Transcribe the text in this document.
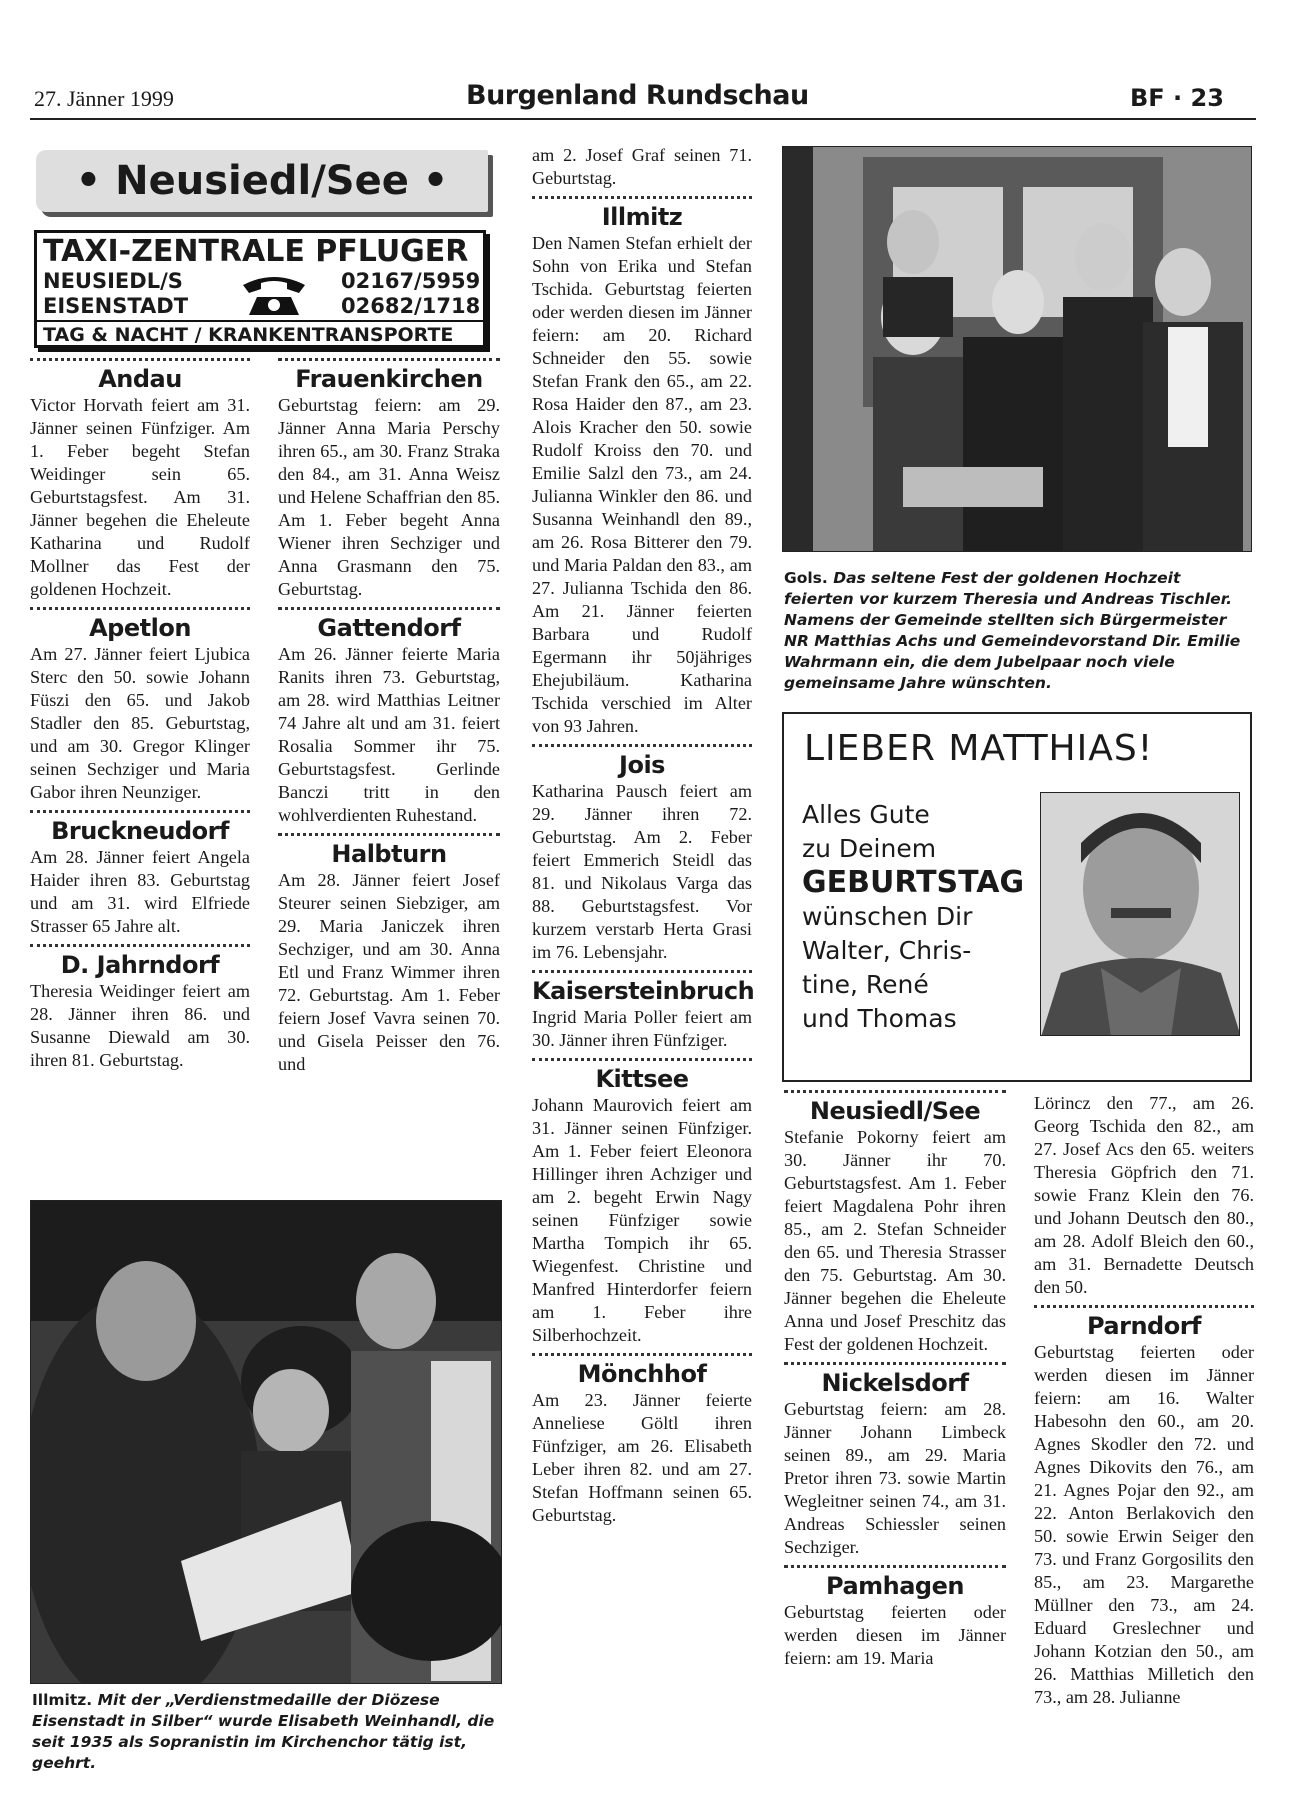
27. Jänner 1999	Burgenland Rundschau	BF · 23
• Neusiedl/See •
TAXI-ZENTRALE PFLUGER
NEUSIEDL/S
EISENSTADT
02167/5959
02682/1718
TAG & NACHT / KRANKENTRANSPORTE
Andau

Victor Horvath feiert am 31. Jänner seinen Fünfziger. Am 1. Feber begeht Stefan Weidinger sein 65. Geburtstagsfest. Am 31. Jänner begehen die Eheleute Katharina und Rudolf Mollner das Fest der goldenen Hochzeit.

Apetlon

Am 27. Jänner feiert Ljubica Sterc den 50. sowie Johann Füszi den 65. und Jakob Stadler den 85. Geburtstag, und am 30. Gregor Klinger seinen Sechziger und Maria Gabor ihren Neunziger.

Bruckneudorf

Am 28. Jänner feiert Angela Haider ihren 83. Geburtstag und am 31. wird Elfriede Strasser 65 Jahre alt.

D. Jahrndorf

Theresia Weidinger feiert am 28. Jänner ihren 86. und Susanne Diewald am 30. ihren 81. Geburtstag.

Frauenkirchen

Geburtstag feiern: am 29. Jänner Anna Maria Perschy ihren 65., am 30. Franz Straka den 84., am 31. Anna Weisz und Helene Schaffrian den 85. Am 1. Feber begeht Anna Wiener ihren Sechziger und Anna Grasmann den 75. Geburtstag.

Gattendorf

Am 26. Jänner feierte Maria Ranits ihren 73. Geburtstag, am 28. wird Matthias Leitner 74 Jahre alt und am 31. feiert Rosalia Sommer ihr 75. Geburtstagsfest. Gerlinde Banczi tritt in den wohlverdienten Ruhestand.

Halbturn

Am 28. Jänner feiert Josef Steurer seinen Siebziger, am 29. Maria Janiczek ihren Sechziger, und am 30. Anna Etl und Franz Wimmer ihren 72. Geburtstag. Am 1. Feber feiern Josef Vavra seinen 70. und Gisela Peisser den 76. und

Illmitz. Mit der „Verdienstmedaille der Diözese Eisenstadt in Silber“ wurde Elisabeth Weinhandl, die seit 1935 als Sopranistin im Kirchenchor tätig ist, geehrt.

am 2. Josef Graf seinen 71. Geburtstag.

Illmitz

Den Namen Stefan erhielt der Sohn von Erika und Stefan Tschida. Geburtstag feierten oder werden diesen im Jänner feiern: am 20. Richard Schneider den 55. sowie Stefan Frank den 65., am 22. Rosa Haider den 87., am 23. Alois Kracher den 50. sowie Rudolf Kroiss den 70. und Emilie Salzl den 73., am 24. Julianna Winkler den 86. und Susanna Weinhandl den 89., am 26. Rosa Bitterer den 79. und Maria Paldan den 83., am 27. Julianna Tschida den 86. Am 21. Jänner feierten Barbara und Rudolf Egermann ihr 50jähriges Ehejubiläum. Katharina Tschida verschied im Alter von 93 Jahren.

Jois

Katharina Pausch feiert am 29. Jänner ihren 72. Geburtstag. Am 2. Feber feiert Emmerich Steidl das 81. und Nikolaus Varga das 88. Geburtstagsfest. Vor kurzem verstarb Herta Grasi im 76. Lebensjahr.

Kaisersteinbruch

Ingrid Maria Poller feiert am 30. Jänner ihren Fünfziger.

Kittsee

Johann Maurovich feiert am 31. Jänner seinen Fünfziger. Am 1. Feber feiert Eleonora Hillinger ihren Achziger und am 2. begeht Erwin Nagy seinen Fünfziger sowie Martha Tompich ihr 65. Wiegenfest. Christine und Manfred Hinterdorfer feiern am 1. Feber ihre Silberhochzeit.

Mönchhof

Am 23. Jänner feierte Anneliese Göltl ihren Fünfziger, am 26. Elisabeth Leber ihren 82. und am 27. Stefan Hoffmann seinen 65. Geburtstag.

Gols. Das seltene Fest der goldenen Hochzeit feierten vor kurzem Theresia und Andreas Tischler. Namens der Gemeinde stellten sich Bürgermeister NR Matthias Achs und Gemeindevorstand Dir. Emilie Wahrmann ein, die dem Jubelpaar noch viele gemeinsame Jahre wünschten.
LIEBER MATTHIAS!
Alles Gute
zu Deinem
GEBURTSTAG
wünschen Dir
Walter, Chris-
tine, René
und Thomas
Neusiedl/See

Stefanie Pokorny feiert am 30. Jänner ihr 70. Geburtstagsfest. Am 1. Feber feiert Magdalena Pohr ihren 85., am 2. Stefan Schneider den 65. und Theresia Strasser den 75. Geburtstag. Am 30. Jänner begehen die Eheleute Anna und Josef Preschitz das Fest der goldenen Hochzeit.

Nickelsdorf

Geburtstag feiern: am 28. Jänner Johann Limbeck seinen 89., am 29. Maria Pretor ihren 73. sowie Martin Wegleitner seinen 74., am 31. Andreas Schiessler seinen Sechziger.

Pamhagen

Geburtstag feierten oder werden diesen im Jänner feiern: am 19. Maria

Lörincz den 77., am 26. Georg Tschida den 82., am 27. Josef Acs den 65. weiters Theresia Göpfrich den 71. sowie Franz Klein den 76. und Johann Deutsch den 80., am 28. Adolf Bleich den 60., am 31. Bernadette Deutsch den 50.

Parndorf

Geburtstag feierten oder werden diesen im Jänner feiern: am 16. Walter Habesohn den 60., am 20. Agnes Skodler den 72. und Agnes Dikovits den 76., am 21. Agnes Pojar den 92., am 22. Anton Berlakovich den 50. sowie Erwin Seiger den 73. und Franz Gorgosilits den 85., am 23. Margarethe Müllner den 73., am 24. Eduard Greslechner und Johann Kotzian den 50., am 26. Matthias Milletich den 73., am 28. Julianne
